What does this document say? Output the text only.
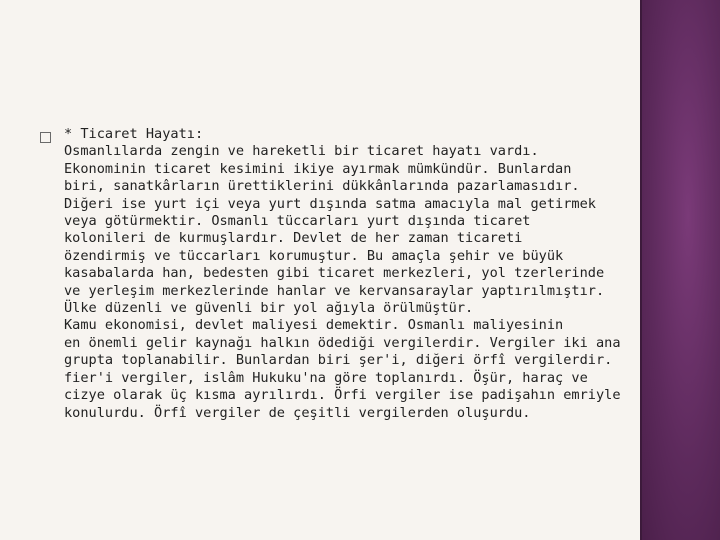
* Ticaret Hayatı:

Osmanlılarda zengin ve hareketli bir ticaret hayatı vardı.

Ekonominin ticaret kesimini ikiye ayırmak mümkündür. Bunlardan

biri, sanatkârların ürettiklerini dükkânlarında pazarlamasıdır.

Diğeri ise yurt içi veya yurt dışında satma amacıyla mal getirmek

veya götürmektir. Osmanlı tüccarları yurt dışında ticaret

kolonileri de kurmuşlardır. Devlet de her zaman ticareti

özendirmiş ve tüccarları korumuştur. Bu amaçla şehir ve büyük

kasabalarda han, bedesten gibi ticaret merkezleri, yol tzerlerinde

ve yerleşim merkezlerinde hanlar ve kervansaraylar yaptırılmıştır.

Ülke düzenli ve güvenli bir yol ağıyla örülmüştür.

Kamu ekonomisi, devlet maliyesi demektir. Osmanlı maliyesinin

en önemli gelir kaynağı halkın ödediği vergilerdir. Vergiler iki ana

grupta toplanabilir. Bunlardan biri şer'i, diğeri örfî vergilerdir.

fier'i vergiler, islâm Hukuku'na göre toplanırdı. Öşür, haraç ve

cizye olarak üç kısma ayrılırdı. Örfi vergiler ise padişahın emriyle

konulurdu. Örfî vergiler de çeşitli vergilerden oluşurdu.
